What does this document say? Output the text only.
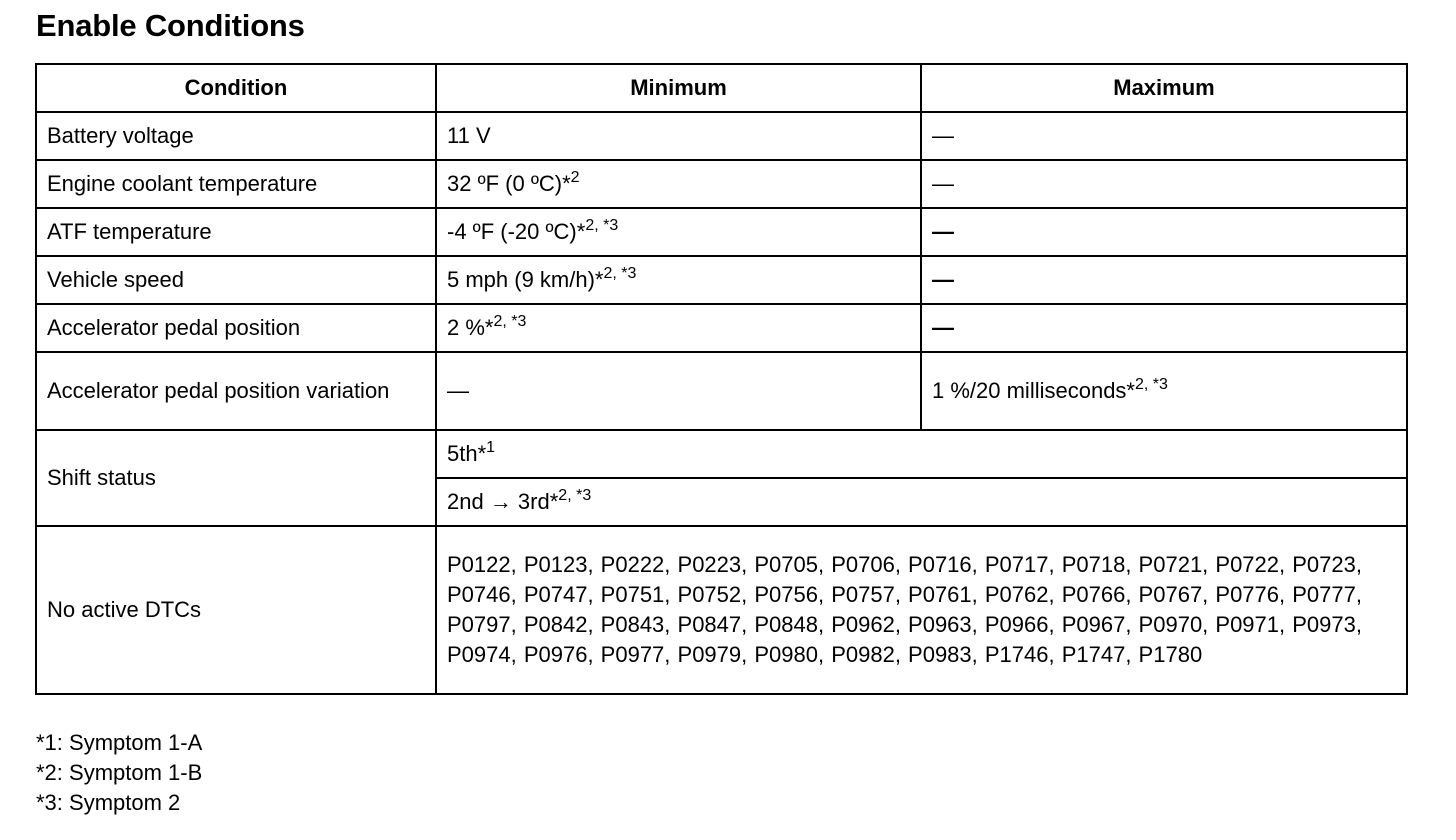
Enable Conditions
Condition	Minimum	Maximum
Battery voltage	11 V	—
Engine coolant temperature	32 ºF (0 ºC)*$^2$	—
ATF temperature	-4 ºF (-20 ºC)*$^{2, *3}$	—
Vehicle speed	5 mph (9 km/h)*$^{2, *3}$	—
Accelerator pedal position	2 %*$^{2, *3}$	—
Accelerator pedal position variation	—	1 %/20 milliseconds*$^{2, *3}$
Shift status	5th*$^1$
	2nd → 3rd*$^{2, *3}$
No active DTCs	P0122, P0123, P0222, P0223, P0705, P0706, P0716, P0717, P0718, P0721, P0722, P0723, P0746, P0747, P0751, P0752, P0756, P0757, P0761, P0762, P0766, P0767, P0776, P0777, P0797, P0842, P0843, P0847, P0848, P0962, P0963, P0966, P0967, P0970, P0971, P0973, P0974, P0976, P0977, P0979, P0980, P0982, P0983, P1746, P1747, P1780	
*1: Symptom 1-A
*2: Symptom 1-B
*3: Symptom 2
